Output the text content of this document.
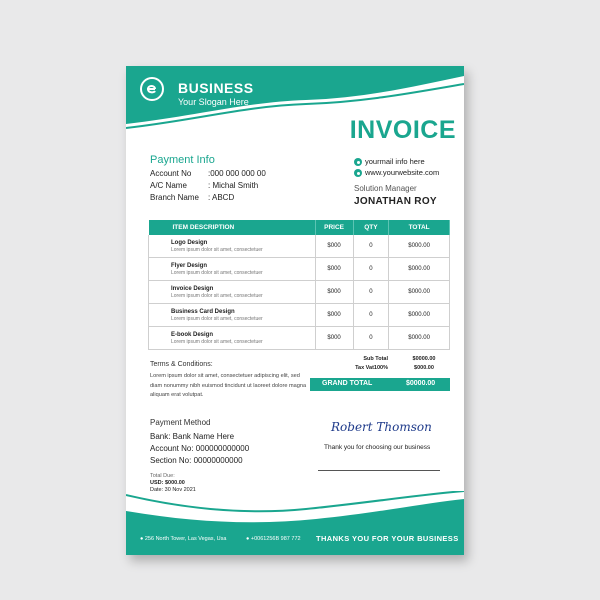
BUSINESS
Your Slogan Here
INVOICE
Payment Info
Account No :000 000 000 00
A/C Name	: Michal Smith
Branch Name : ABCD
yourmail info here
www.yourwebsite.com
Solution Manager
JONATHAN ROY
ITEM DESCRIPTION	PRICE	QTY	TOTAL

Logo Design
Lorem ipsum dolor sit amet, consectetuer	$000	0	$000.00

Flyer Design
Lorem ipsum dolor sit amet, consectetuer	$000	0	$000.00

Invoice Design
Lorem ipsum dolor sit amet, consectetuer	$000	0	$000.00

Business Card Design
Lorem ipsum dolor sit amet, consectetuer	$000	0	$000.00

E-book Design
Lorem ipsum dolor sit amet, consectetuer	$000	0	$000.00
Terms & Conditions:
Lorem ipsum dolor sit amet, consectetuer adipiscing elit, sed diam nonummy nibh euismod tincidunt ut laoreet dolore magna aliquam erat volutpat.
Sub Total	$0000.00
Tax Vat100%	$000.00
GRAND TOTAL	$0000.00
Payment Method
Bank: Bank Name Here
Account No: 000000000000
Section No: 00000000000
Total Due:
USD: $000.00
Date: 30 Nov 2021
Robert Thomson
Thank you for choosing our business
● 256 North Tower, Las Vegas, Usa	● +0061256B 987 772 THANKS YOU FOR YOUR BUSINESS
